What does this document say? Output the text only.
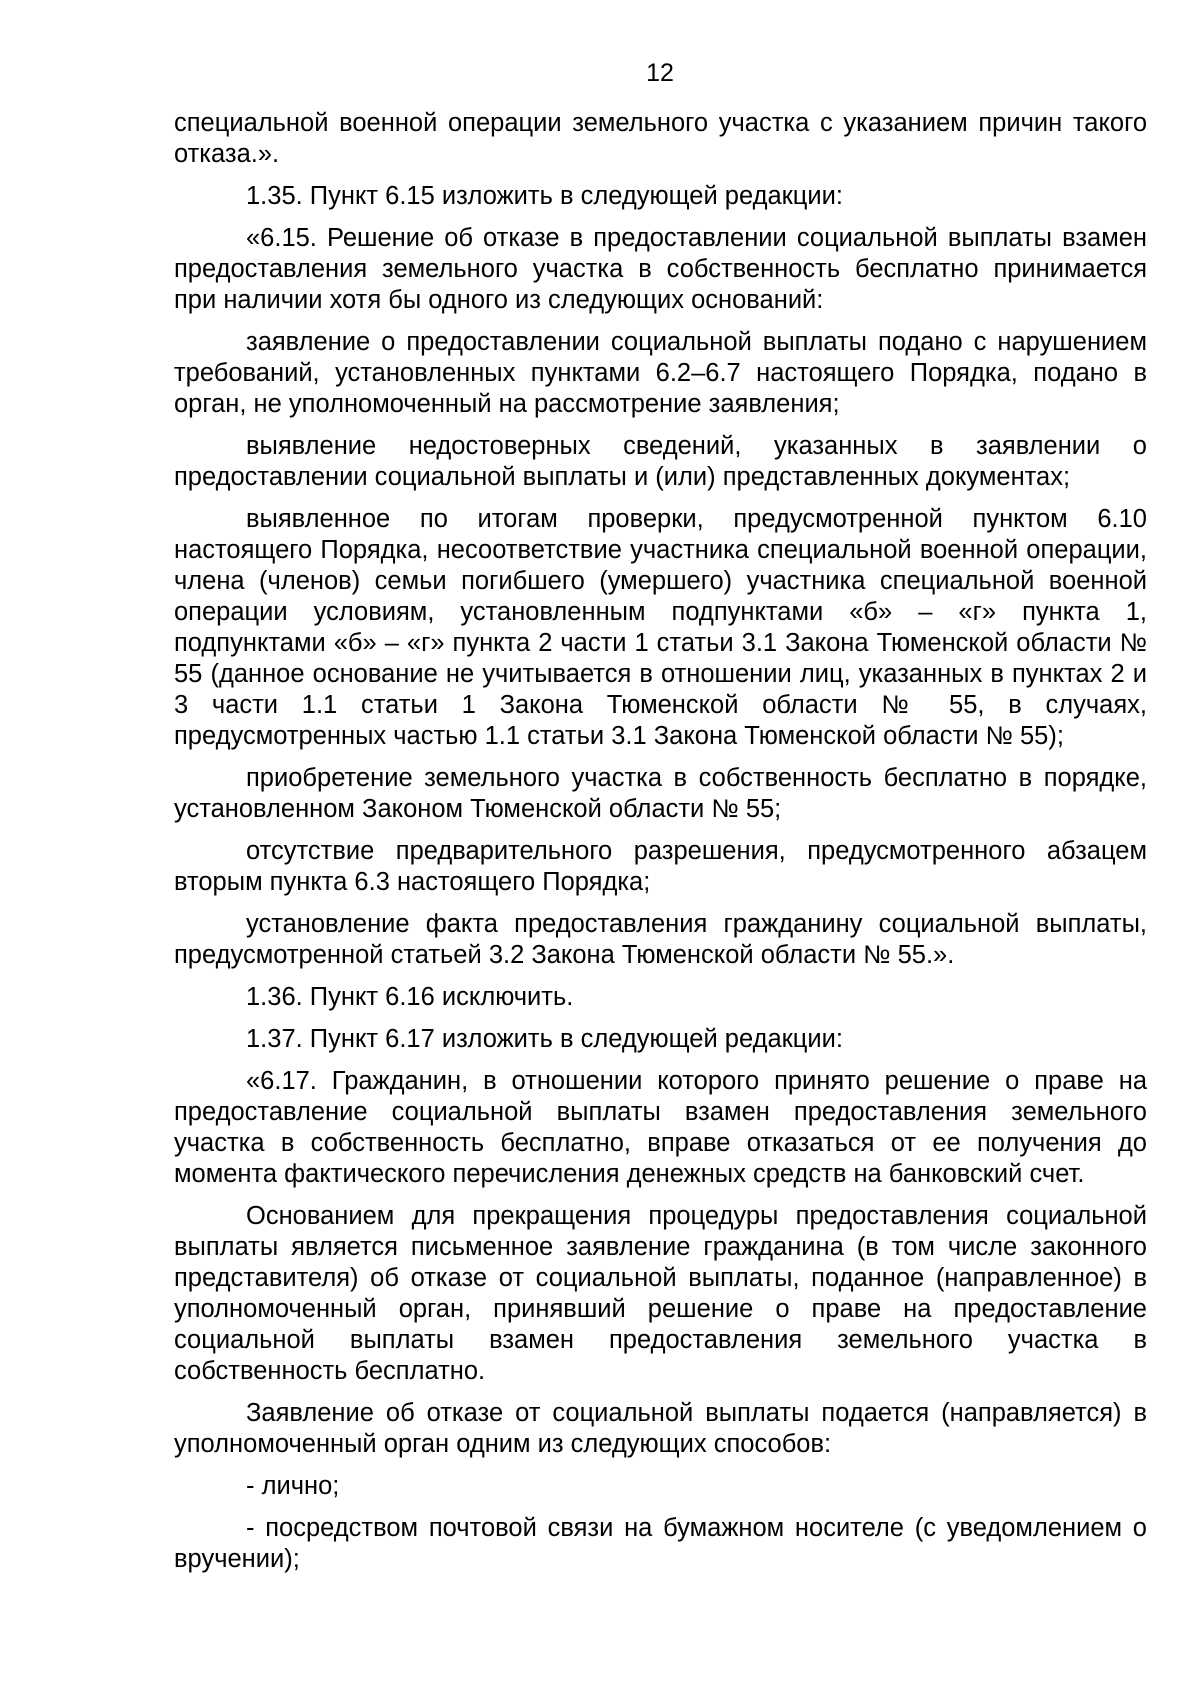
12

специальной военной операции земельного участка с указанием причин такого отказа.».

1.35. Пункт 6.15 изложить в следующей редакции:

«6.15. Решение об отказе в предоставлении социальной выплаты взамен предоставления земельного участка в собственность бесплатно принимается при наличии хотя бы одного из следующих оснований:

заявление о предоставлении социальной выплаты подано с нарушением требований, установленных пунктами 6.2–6.7 настоящего Порядка, подано в орган, не уполномоченный на рассмотрение заявления;

выявление недостоверных сведений, указанных в заявлении о предоставлении социальной выплаты и (или) представленных документах;

выявленное по итогам проверки, предусмотренной пунктом 6.10 настоящего Порядка, несоответствие участника специальной военной операции, члена (членов) семьи погибшего (умершего) участника специальной военной операции условиям, установленным подпунктами «б» – «г» пункта 1, подпунктами «б» – «г» пункта 2 части 1 статьи 3.1 Закона Тюменской области № 55 (данное основание не учитывается в отношении лиц, указанных в пунктах 2 и 3 части 1.1 статьи 1 Закона Тюменской области № 55, в случаях, предусмотренных частью 1.1 статьи 3.1 Закона Тюменской области № 55);

приобретение земельного участка в собственность бесплатно в порядке, установленном Законом Тюменской области № 55;

отсутствие предварительного разрешения, предусмотренного абзацем вторым пункта 6.3 настоящего Порядка;

установление факта предоставления гражданину социальной выплаты, предусмотренной статьей 3.2 Закона Тюменской области № 55.».

1.36. Пункт 6.16 исключить.

1.37. Пункт 6.17 изложить в следующей редакции:

«6.17. Гражданин, в отношении которого принято решение о праве на предоставление социальной выплаты взамен предоставления земельного участка в собственность бесплатно, вправе отказаться от ее получения до момента фактического перечисления денежных средств на банковский счет.

Основанием для прекращения процедуры предоставления социальной выплаты является письменное заявление гражданина (в том числе законного представителя) об отказе от социальной выплаты, поданное (направленное) в уполномоченный орган, принявший решение о праве на предоставление социальной выплаты взамен предоставления земельного участка в собственность бесплатно.

Заявление об отказе от социальной выплаты подается (направляется) в уполномоченный орган одним из следующих способов:

- лично;

- посредством почтовой связи на бумажном носителе (с уведомлением о вручении);
